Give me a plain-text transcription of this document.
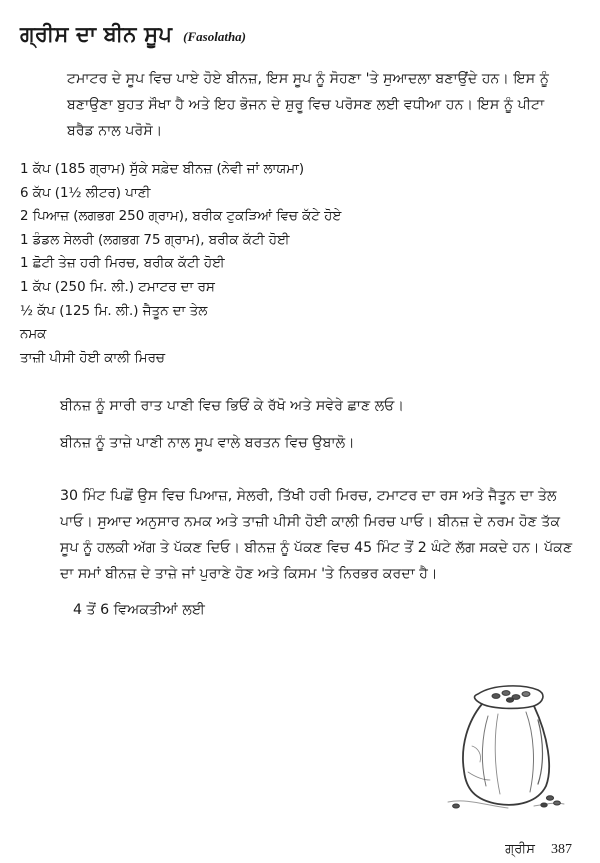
ਗ੍ਰੀਸ ਦਾ ਬੀਨ ਸੂਪ (Fasolatha)
ਟਮਾਟਰ ਦੇ ਸੂਪ ਵਿਚ ਪਾਏ ਹੋਏ ਬੀਨਜ਼, ਇਸ ਸੂਪ ਨੂੰ ਸੋਹਣਾ 'ਤੇ ਸੁਆਦਲਾ ਬਣਾਉਂਦੇ ਹਨ। ਇਸ ਨੂੰ ਬਣਾਉਣਾ ਬੁਹਤ ਸੌਖਾ ਹੈ ਅਤੇ ਇਹ ਭੋਜਨ ਦੇ ਸ਼ੁਰੂ ਵਿਚ ਪਰੋਸਣ ਲਈ ਵਧੀਆ ਹਨ। ਇਸ ਨੂੰ ਪੀਟਾ ਬਰੈਡ ਨਾਲ ਪਰੋਸੋ।
1 ਕੱਪ (185 ਗ੍ਰਾਮ) ਸੁੱਕੇ ਸਫ਼ੇਦ ਬੀਨਜ਼ (ਨੇਵੀ ਜਾਂ ਲਾਯਮਾ)
6 ਕੱਪ (1½ ਲੀਟਰ) ਪਾਣੀ
2 ਪਿਆਜ਼ (ਲਗਭਗ 250 ਗ੍ਰਾਮ), ਬਰੀਕ ਟੁਕੜਿਆਂ ਵਿਚ ਕੱਟੇ ਹੋਏ
1 ਡੰਡਲ ਸੇਲਰੀ (ਲਗਭਗ 75 ਗ੍ਰਾਮ), ਬਰੀਕ ਕੱਟੀ ਹੋਈ
1 ਛੋਟੀ ਤੇਜ਼ ਹਰੀ ਮਿਰਚ, ਬਰੀਕ ਕੱਟੀ ਹੋਈ
1 ਕੱਪ (250 ਮਿ. ਲੀ.) ਟਮਾਟਰ ਦਾ ਰਸ
½ ਕੱਪ (125 ਮਿ. ਲੀ.) ਜੈਤੂਨ ਦਾ ਤੇਲ
ਨਮਕ
ਤਾਜ਼ੀ ਪੀਸੀ ਹੋਈ ਕਾਲੀ ਮਿਰਚ
ਬੀਨਜ਼ ਨੂੰ ਸਾਰੀ ਰਾਤ ਪਾਣੀ ਵਿਚ ਭਿਓਂ ਕੇ ਰੱਖੋ ਅਤੇ ਸਵੇਰੇ ਛਾਣ ਲਓ।
ਬੀਨਜ਼ ਨੂੰ ਤਾਜ਼ੇ ਪਾਣੀ ਨਾਲ ਸੂਪ ਵਾਲੇ ਬਰਤਨ ਵਿਚ ਉਬਾਲੋ।
30 ਮਿੰਟ ਪਿਛੋਂ ਉਸ ਵਿਚ ਪਿਆਜ਼, ਸੇਲਰੀ, ਤਿੱਖੀ ਹਰੀ ਮਿਰਚ, ਟਮਾਟਰ ਦਾ ਰਸ ਅਤੇ ਜੈਤੂਨ ਦਾ ਤੇਲ ਪਾਓ। ਸੁਆਦ ਅਨੁਸਾਰ ਨਮਕ ਅਤੇ ਤਾਜ਼ੀ ਪੀਸੀ ਹੋਈ ਕਾਲੀ ਮਿਰਚ ਪਾਓ। ਬੀਨਜ਼ ਦੇ ਨਰਮ ਹੋਣ ਤੱਕ ਸੂਪ ਨੂੰ ਹਲਕੀ ਅੱਗ ਤੇ ਪੱਕਣ ਦਿਓ। ਬੀਨਜ਼ ਨੂੰ ਪੱਕਣ ਵਿਚ 45 ਮਿੰਟ ਤੋਂ 2 ਘੰਟੇ ਲੱਗ ਸਕਦੇ ਹਨ। ਪੱਕਣ ਦਾ ਸਮਾਂ ਬੀਨਜ਼ ਦੇ ਤਾਜ਼ੇ ਜਾਂ ਪੁਰਾਣੇ ਹੋਣ ਅਤੇ ਕਿਸਮ 'ਤੇ ਨਿਰਭਰ ਕਰਦਾ ਹੈ।
4 ਤੋਂ 6 ਵਿਅਕਤੀਆਂ ਲਈ
ਗ੍ਰੀਸ 387
